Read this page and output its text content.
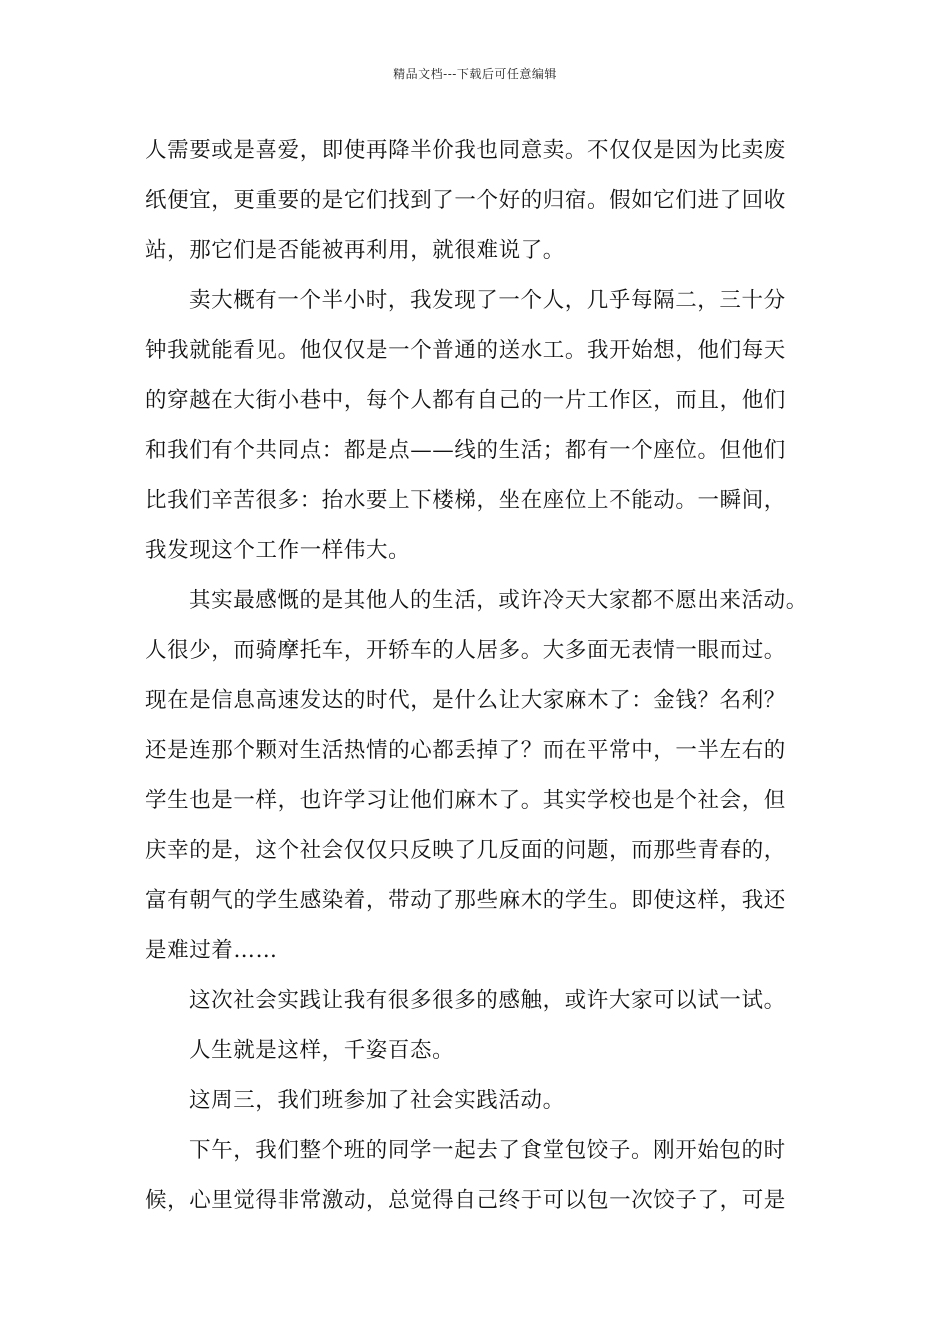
精品文档---下载后可任意编辑
人需要或是喜爱，即使再降半价我也同意卖。不仅仅是因为比卖废
纸便宜，更重要的是它们找到了一个好的归宿。假如它们进了回收
站，那它们是否能被再利用，就很难说了。
卖大概有一个半小时，我发现了一个人，几乎每隔二，三十分
钟我就能看见。他仅仅是一个普通的送水工。我开始想，他们每天
的穿越在大街小巷中，每个人都有自己的一片工作区，而且，他们
和我们有个共同点：都是点——线的生活；都有一个座位。但他们
比我们辛苦很多：抬水要上下楼梯，坐在座位上不能动。一瞬间，
我发现这个工作一样伟大。
其实最感慨的是其他人的生活，或许冷天大家都不愿出来活动。
人很少，而骑摩托车，开轿车的人居多。大多面无表情一眼而过。
现在是信息高速发达的时代，是什么让大家麻木了：金钱？名利？
还是连那个颗对生活热情的心都丢掉了？而在平常中，一半左右的
学生也是一样，也许学习让他们麻木了。其实学校也是个社会，但
庆幸的是，这个社会仅仅只反映了几反面的问题，而那些青春的，
富有朝气的学生感染着，带动了那些麻木的学生。即使这样，我还
是难过着……
这次社会实践让我有很多很多的感触，或许大家可以试一试。
人生就是这样，千姿百态。
这周三，我们班参加了社会实践活动。
下午，我们整个班的同学一起去了食堂包饺子。刚开始包的时
候，心里觉得非常激动，总觉得自己终于可以包一次饺子了，可是
